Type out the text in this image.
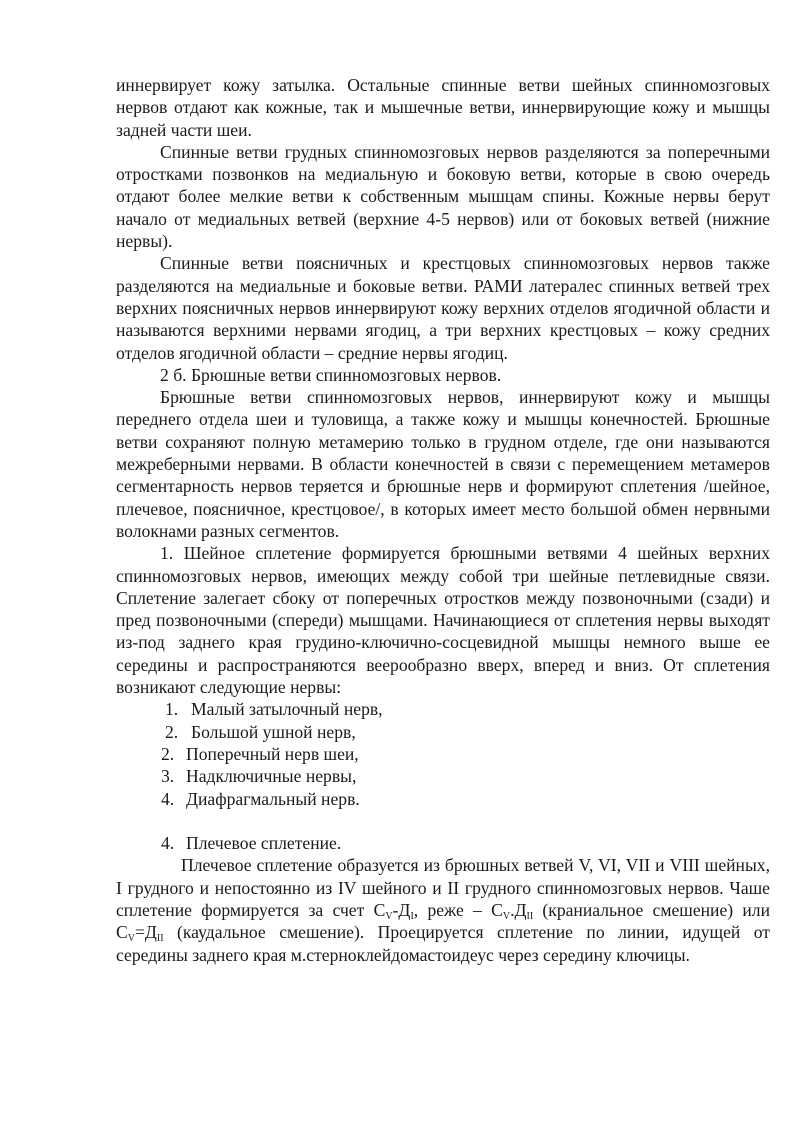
иннервирует кожу затылка. Остальные спинные ветви шейных спинномозговых нервов отдают как кожные, так и мышечные ветви, иннервирующие кожу и мышцы задней части шеи.

Спинные ветви грудных спинномозговых нервов разделяются за поперечными отростками позвонков на медиальную и боковую ветви, которые в свою очередь отдают более мелкие ветви к собственным мышцам спины. Кожные нервы берут начало от медиальных ветвей (верхние 4-5 нервов) или от боковых ветвей (нижние нервы).

Спинные ветви поясничных и крестцовых спинномозговых нервов также разделяются на медиальные и боковые ветви. РАМИ латералес спинных ветвей трех верхних поясничных нервов иннервируют кожу верхних отделов ягодичной области и называются верхними нервами ягодиц, а три верхних крестцовых – кожу средних отделов ягодичной области – средние нервы ягодиц.

2 б. Брюшные ветви спинномозговых нервов.

Брюшные ветви спинномозговых нервов, иннервируют кожу и мышцы переднего отдела шеи и туловища, а также кожу и мышцы конечностей. Брюшные ветви сохраняют полную метамерию только в грудном отделе, где они называются межреберными нервами. В области конечностей в связи с перемещением метамеров сегментарность нервов теряется и брюшные нерв и формируют сплетения /шейное, плечевое, поясничное, крестцовое/, в которых имеет место большой обмен нервными волокнами разных сегментов.

1. Шейное сплетение формируется брюшными ветвями 4 шейных верхних спинномозговых нервов, имеющих между собой три шейные петлевидные связи. Сплетение залегает сбоку от поперечных отростков между позвоночными (сзади) и пред позвоночными (спереди) мышцами. Начинающиеся от сплетения нервы выходят из-под заднего края грудино-ключично-сосцевидной мышцы немного выше ее середины и распространяются веерообразно вверх, вперед и вниз. От сплетения возникают следующие нервы:

1. Малый затылочный нерв,
2. Большой ушной нерв,
2. Поперечный нерв шеи,
3. Надключичные нервы,
4. Диафрагмальный нерв.

4. Плечевое сплетение.

Плечевое сплетение образуется из брюшных ветвей V, VI, VII и VIII шейных, I грудного и непостоянно из IV шейного и II грудного спинномозговых нервов. Чаше сплетение формируется за счет $C_V-Д_I$, реже – $C_V.Д_{II}$ (краниальное смешение) или $C_V=Д_{II}$ (каудальное смешение). Проецируется сплетение по линии, идущей от середины заднего края м.стерноклейдомастоидеус через середину ключицы.
